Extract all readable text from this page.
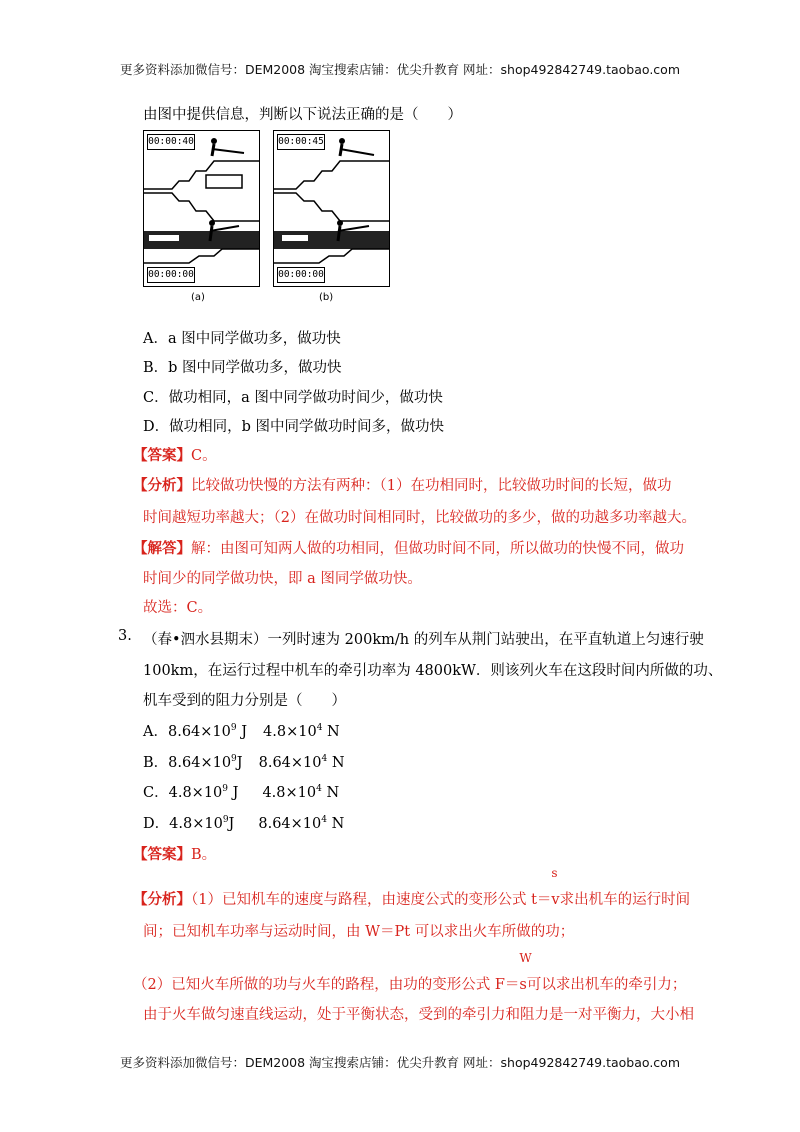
更多资料添加微信号：DEM2008 淘宝搜索店铺：优尖升教育 网址：shop492842749.taobao.com
由图中提供信息，判断以下说法正确的是（　　）
00:00:40
00:00:00
00:00:45
00:00:00
(a)	(b)
A．a 图中同学做功多，做功快
B．b 图中同学做功多，做功快
C．做功相同，a 图中同学做功时间少，做功快
D．做功相同，b 图中同学做功时间多，做功快
【答案】C。
【分析】比较做功快慢的方法有两种：（1）在功相同时，比较做功时间的长短，做功
时间越短功率越大；（2）在做功时间相同时，比较做功的多少，做的功越多功率越大。
【解答】解：由图可知两人做的功相同，但做功时间不同，所以做功的快慢不同，做功
时间少的同学做功快，即 a 图同学做功快。
故选：C。
3. （春•泗水县期末）一列时速为 200km/h 的列车从荆门站驶出，在平直轨道上匀速行驶
100km，在运行过程中机车的牵引功率为 4800kW．则该列火车在这段时间内所做的功、
机车受到的阻力分别是（　　）
A．$8.64\times 10^9$ J $4.8\times 10^4$ N
B．$8.64\times 10^9J$ $8.64\times 10^4$ N
C．$4.8\times 10^9$ J $4.8\times 10^4$ N
D．$4.8\times 10^9J$ $8.64\times 10^4$ N
【答案】B。
【分析】（1）已知机车的速度与路程，由速度公式的变形公式 t＝
s
v求出机车的运行时间
间；已知机车功率与运动时间，由 W＝Pt 可以求出火车所做的功；
（2）已知火车所做的功与火车的路程，由功的变形公式 F＝
W
s可以求出机车的牵引力；
由于火车做匀速直线运动，处于平衡状态，受到的牵引力和阻力是一对平衡力，大小相
更多资料添加微信号：DEM2008 淘宝搜索店铺：优尖升教育 网址：shop492842749.taobao.com
